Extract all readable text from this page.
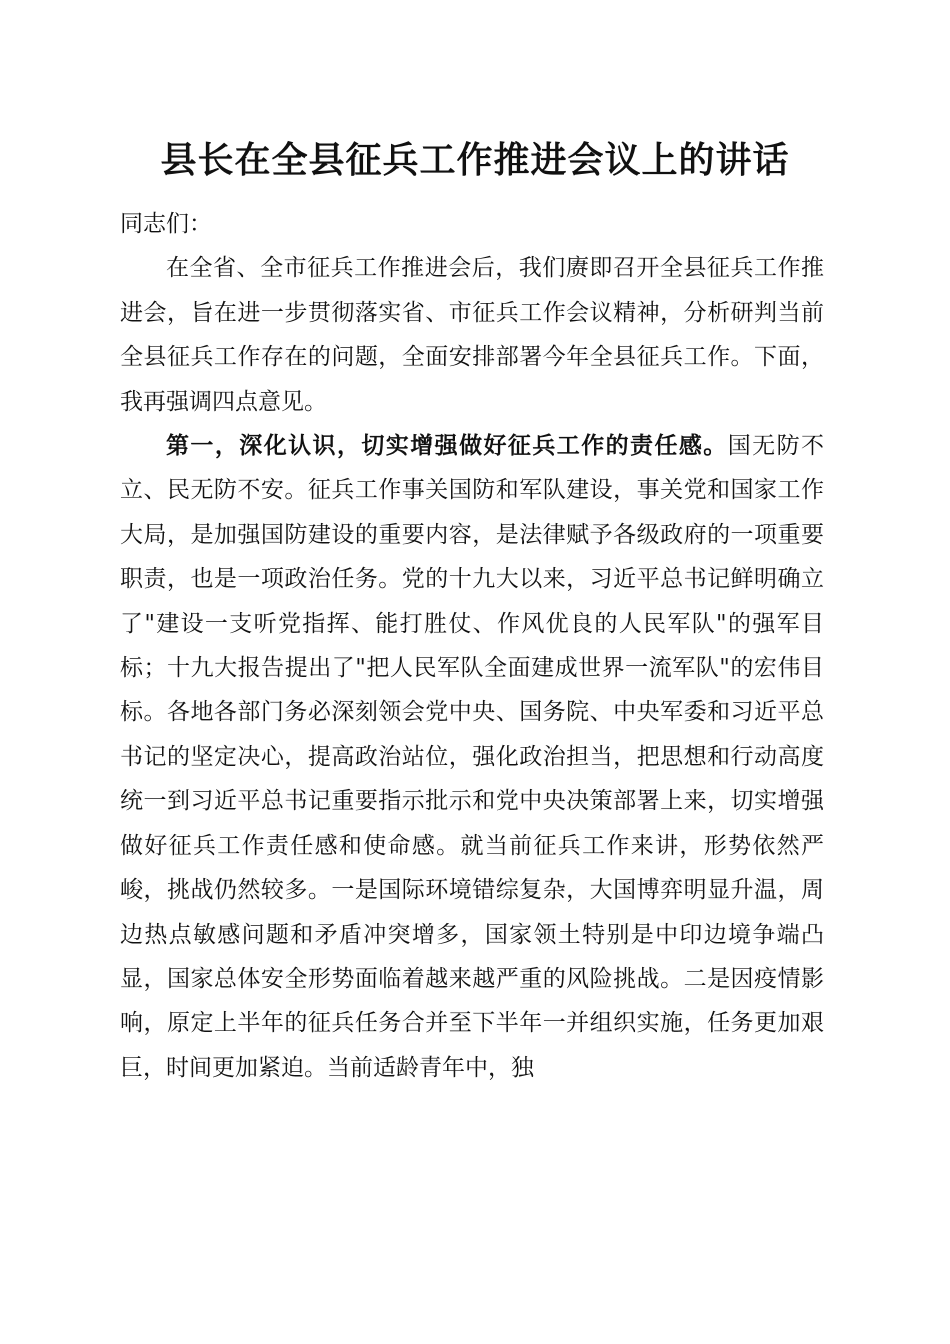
县长在全县征兵工作推进会议上的讲话

同志们：

在全省、全市征兵工作推进会后，我们赓即召开全县征兵工作推进会，旨在进一步贯彻落实省、市征兵工作会议精神，分析研判当前全县征兵工作存在的问题，全面安排部署今年全县征兵工作。下面，我再强调四点意见。

第一，深化认识，切实增强做好征兵工作的责任感。国无防不立、民无防不安。征兵工作事关国防和军队建设，事关党和国家工作大局，是加强国防建设的重要内容，是法律赋予各级政府的一项重要职责，也是一项政治任务。党的十九大以来，习近平总书记鲜明确立了"建设一支听党指挥、能打胜仗、作风优良的人民军队"的强军目标；十九大报告提出了"把人民军队全面建成世界一流军队"的宏伟目标。各地各部门务必深刻领会党中央、国务院、中央军委和习近平总书记的坚定决心，提高政治站位，强化政治担当，把思想和行动高度统一到习近平总书记重要指示批示和党中央决策部署上来，切实增强做好征兵工作责任感和使命感。就当前征兵工作来讲，形势依然严峻，挑战仍然较多。一是国际环境错综复杂，大国博弈明显升温，周边热点敏感问题和矛盾冲突增多，国家领土特别是中印边境争端凸显，国家总体安全形势面临着越来越严重的风险挑战。二是因疫情影响，原定上半年的征兵任务合并至下半年一并组织实施，任务更加艰巨，时间更加紧迫。当前适龄青年中，独
